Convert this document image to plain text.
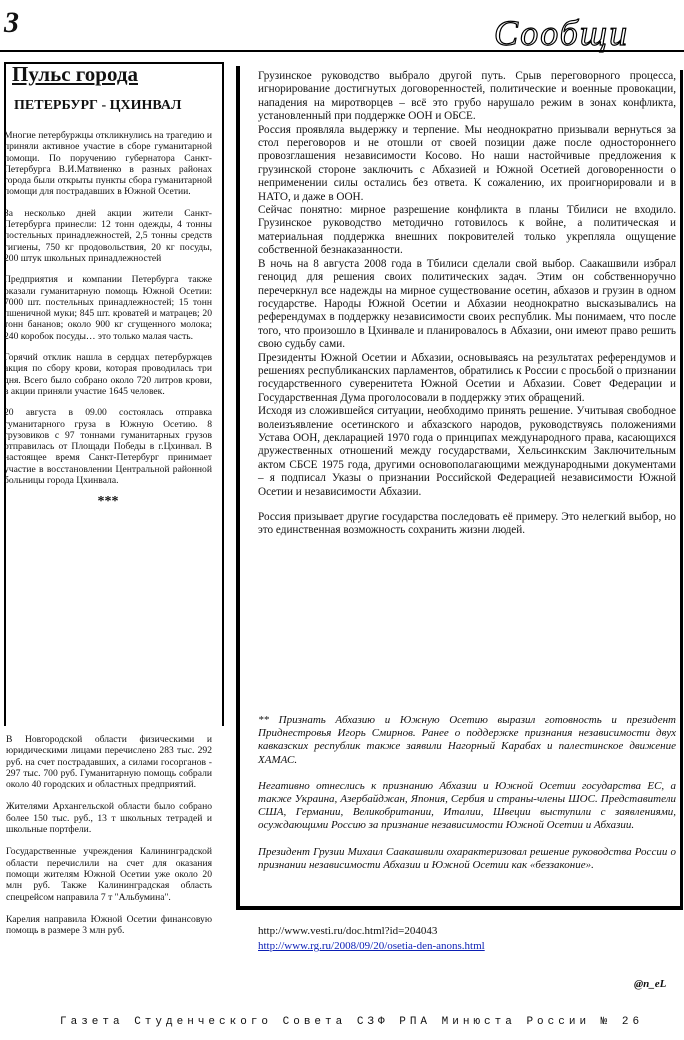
3	Сообщи
Пульс города
ПЕТЕРБУРГ - ЦХИНВАЛ

Многие петербуржцы откликнулись на трагедию и приняли активное участие в сборе гуманитарной помощи. По поручению губернатора Санкт-Петербурга В.И.Матвиенко в разных районах города были открыты пункты сбора гуманитарной помощи для пострадавших в Южной Осетии.

За несколько дней акции жители Санкт-Петербурга принесли: 12 тонн одежды, 4 тонны постельных принадлежностей, 2,5 тонны средств гигиены, 750 кг продовольствия, 20 кг посуды, 200 штук школьных принадлежностей

Предприятия и компании Петербурга также оказали гуманитарную помощь Южной Осетии: 7000 шт. постельных принадлежностей; 15 тонн пшеничной муки; 845 шт. кроватей и матрацев; 20 тонн бананов; около 900 кг сгущенного молока; 240 коробок посуды… это только малая часть.

Горячий отклик нашла в сердцах петербуржцев акция по сбору крови, которая проводилась три дня. Всего было собрано около 720 литров крови, в акции приняли участие 1645 человек.

20 августа в 09.00 состоялась отправка гуманитарного груза в Южную Осетию. 8 грузовиков с 97 тоннами гуманитарных грузов отправилась от Площади Победы в г.Цхинвал. В настоящее время Санкт-Петербург принимает участие в восстановлении Центральной районной больницы города Цхинвала.

***

В Новгородской области физическими и юридическими лицами перечислено 283 тыс. 292 руб. на счет пострадавших, а силами госорганов - 297 тыс. 700 руб. Гуманитарную помощь собрали около 40 городских и областных предприятий.

Жителями Архангельской области было собрано более 150 тыс. руб., 13 т школьных тетрадей и школьные портфели.

Государственные учреждения Калининградской области перечислили на счет для оказания помощи жителям Южной Осетии уже около 20 млн руб. Также Калининградская область спецрейсом направила 7 т "Альбумина".

Карелия направила Южной Осетии финансовую помощь в размере 3 млн руб.

Грузинское руководство выбрало другой путь. Срыв переговорного процесса, игнорирование достигнутых договоренностей, политические и военные провокации, нападения на миротворцев – всё это грубо нарушало режим в зонах конфликта, установленный при поддержке ООН и ОБСЕ.

Россия проявляла выдержку и терпение. Мы неоднократно призывали вернуться за стол переговоров и не отошли от своей позиции даже после одностороннего провозглашения независимости Косово. Но наши настойчивые предложения к грузинской стороне заключить с Абхазией и Южной Осетией договоренности о неприменении силы остались без ответа. К сожалению, их проигнорировали и в НАТО, и даже в ООН.

Сейчас понятно: мирное разрешение конфликта в планы Тбилиси не входило. Грузинское руководство методично готовилось к войне, а политическая и материальная поддержка внешних покровителей только укрепляла ощущение собственной безнаказанности.

В ночь на 8 августа 2008 года в Тбилиси сделали свой выбор. Саакашвили избрал геноцид для решения своих политических задач. Этим он собственноручно перечеркнул все надежды на мирное существование осетин, абхазов и грузин в одном государстве. Народы Южной Осетии и Абхазии неоднократно высказывались на референдумах в поддержку независимости своих республик. Мы понимаем, что после того, что произошло в Цхинвале и планировалось в Абхазии, они имеют право решить свою судьбу сами.

Президенты Южной Осетии и Абхазии, основываясь на результатах референдумов и решениях республиканских парламентов, обратились к России с просьбой о признании государственного суверенитета Южной Осетии и Абхазии. Совет Федерации и Государственная Дума проголосовали в поддержку этих обращений.

Исходя из сложившейся ситуации, необходимо принять решение. Учитывая свободное волеизъявление осетинского и абхазского народов, руководствуясь положениями Устава ООН, декларацией 1970 года о принципах международного права, касающихся дружественных отношений между государствами, Хельсинкским Заключительным актом СБСЕ 1975 года, другими основополагающими международными документами – я подписал Указы о признании Российской Федерацией независимости Южной Осетии и независимости Абхазии.

Россия призывает другие государства последовать её примеру. Это нелегкий выбор, но это единственная возможность сохранить жизни людей.

** Признать Абхазию и Южную Осетию выразил готовность и президент Приднестровья Игорь Смирнов. Ранее о поддержке признания независимости двух кавказских республик также заявили Нагорный Карабах и палестинское движение ХАМАС.

Негативно отнеслись к признанию Абхазии и Южной Осетии государства ЕС, а также Украина, Азербайджан, Япония, Сербия и страны-члены ШОС. Представители США, Германии, Великобритании, Италии, Швеции выступили с заявлениями, осуждающими Россию за признание независимости Южной Осетии и Абхазии.

Президент Грузии Михаил Саакашвили охарактеризовал решение руководства России о признании независимости Абхазии и Южной Осетии как «беззаконие».

http://www.vesti.ru/doc.html?id=204043
http://www.rg.ru/2008/09/20/osetia-den-anons.html
@n_eL
Газета Студенческого Совета СЗФ РПА Минюста России № 26
